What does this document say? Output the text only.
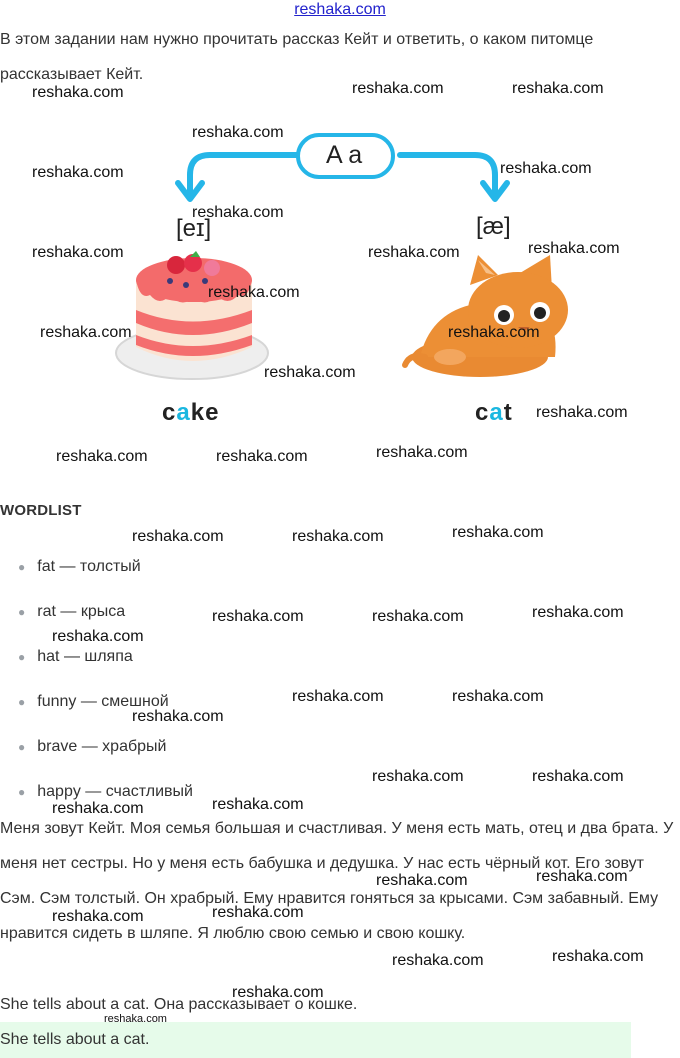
reshaka.com

В этом задании нам нужно прочитать рассказ Кейт и ответить, о каком питомце рассказывает Кейт.

A a
[eɪ]	[æ]
cake	cat
WORDLIST
● fat — толстый
● rat — крыса
● hat — шляпа
● funny — смешной
● brave — храбрый
● happy — счастливый

Меня зовут Кейт. Моя семья большая и счастливая. У меня есть мать, отец и два брата. У меня нет сестры. Но у меня есть бабушка и дедушка. У нас есть чёрный кот. Его зовут Сэм. Сэм толстый. Он храбрый. Ему нравится гоняться за крысами. Сэм забавный. Ему нравится сидеть в шляпе. Я люблю свою семью и свою кошку.

She tells about a cat. Она рассказывает о кошке.
She tells about a cat.
reshaka.com	reshaka.com	reshaka.com
reshaka.com
reshaka.com	reshaka.com
reshaka.com
reshaka.com	reshaka.com	reshaka.com
reshaka.com
reshaka.com	reshaka.com
reshaka.com
reshaka.com
reshaka.com	reshaka.com	reshaka.com
reshaka.com	reshaka.com	reshaka.com
reshaka.com	reshaka.com	reshaka.com
reshaka.com
reshaka.com	reshaka.com
reshaka.com
reshaka.com	reshaka.com
reshaka.com	reshaka.com
reshaka.com	reshaka.com
reshaka.com	reshaka.com
reshaka.com	reshaka.com
reshaka.com
reshaka.com
